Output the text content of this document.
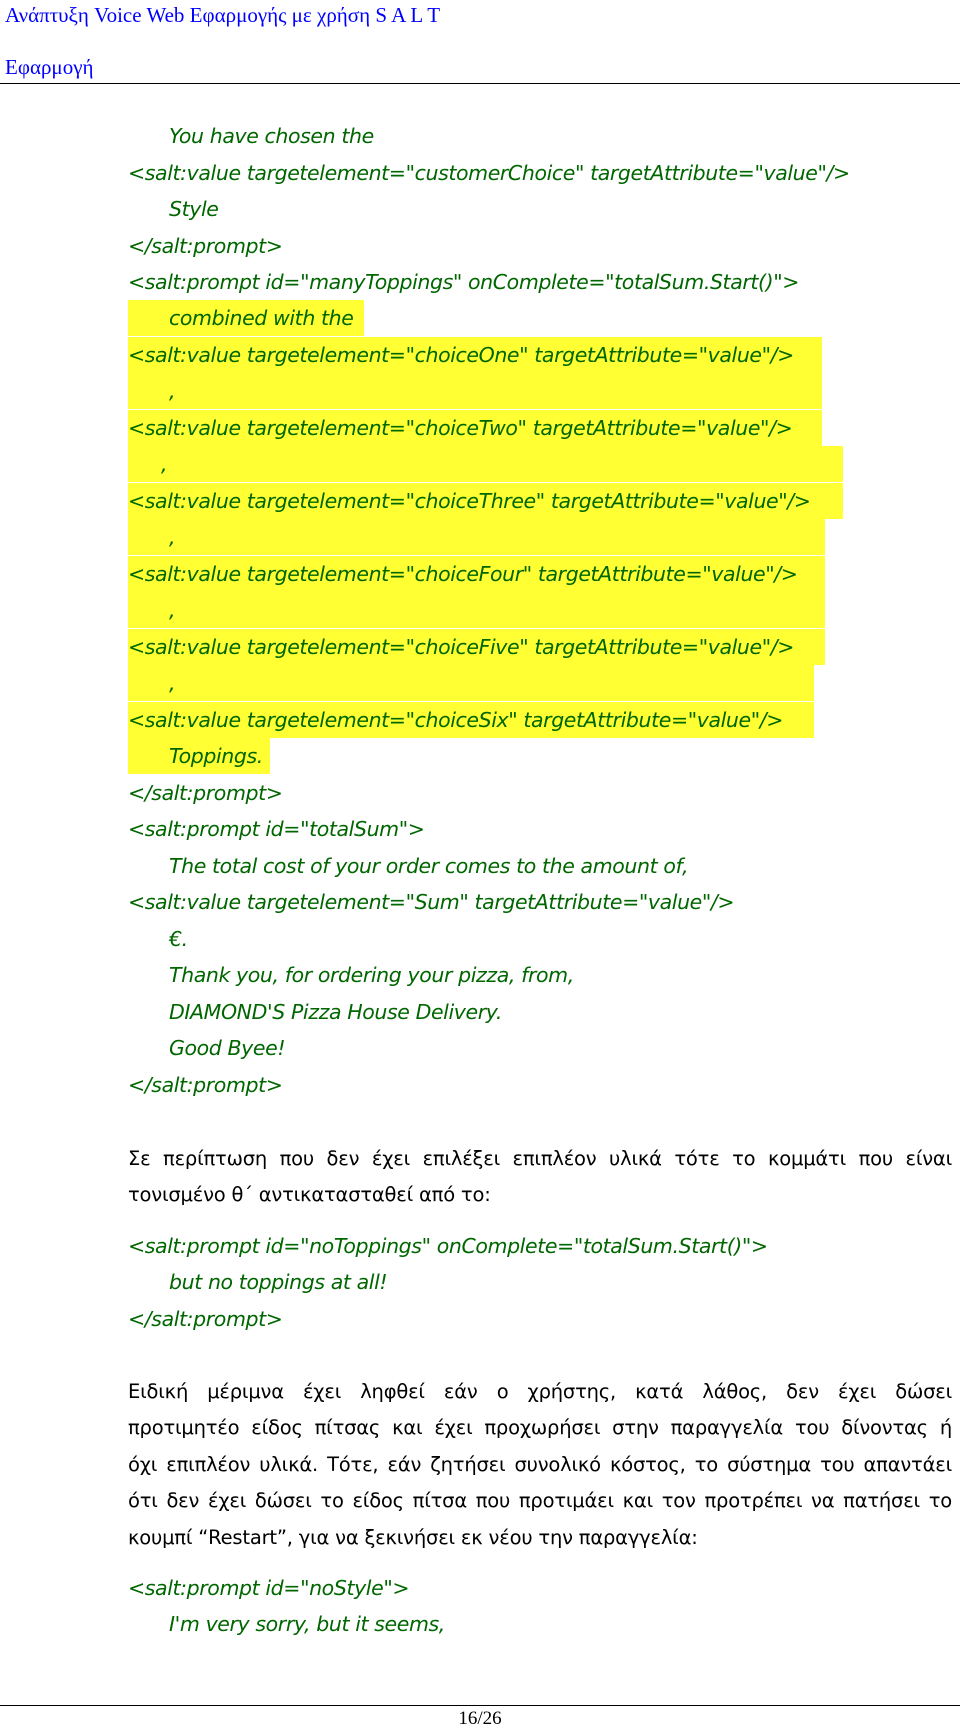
Ανάπτυξη Voice Web Εφαρμογής με χρήση S A L T
Εφαρμογή
You have chosen the
<salt:value targetelement="customerChoice" targetAttribute="value"/>
Style
</salt:prompt>
<salt:prompt id="manyToppings" onComplete="totalSum.Start()">
combined with the
<salt:value targetelement="choiceOne" targetAttribute="value"/>
,
<salt:value targetelement="choiceTwo" targetAttribute="value"/>
,
<salt:value targetelement="choiceThree" targetAttribute="value"/>
,
<salt:value targetelement="choiceFour" targetAttribute="value"/>
,
<salt:value targetelement="choiceFive" targetAttribute="value"/>
,
<salt:value targetelement="choiceSix" targetAttribute="value"/>
Toppings.
</salt:prompt>
<salt:prompt id="totalSum">
The total cost of your order comes to the amount of,
<salt:value targetelement="Sum" targetAttribute="value"/>
€.
Thank you, for ordering your pizza, from,
DIAMOND'S Pizza House Delivery.
Good Byee!
</salt:prompt>
Σε περίπτωση που δεν έχει επιλέξει επιπλέον υλικά τότε το κομμάτι που είναι
τονισμένο θ΄ αντικατασταθεί από το:
<salt:prompt id="noToppings" onComplete="totalSum.Start()">
but no toppings at all!
</salt:prompt>
Ειδική μέριμνα έχει ληφθεί εάν ο χρήστης, κατά λάθος, δεν έχει δώσει
προτιμητέο είδος πίτσας και έχει προχωρήσει στην παραγγελία του δίνοντας ή
όχι επιπλέον υλικά. Τότε, εάν ζητήσει συνολικό κόστος, το σύστημα του απαντάει
ότι δεν έχει δώσει το είδος πίτσα που προτιμάει και τον προτρέπει να πατήσει το
κουμπί “Restart”, για να ξεκινήσει εκ νέου την παραγγελία:
<salt:prompt id="noStyle">
I'm very sorry, but it seems,
16/26
